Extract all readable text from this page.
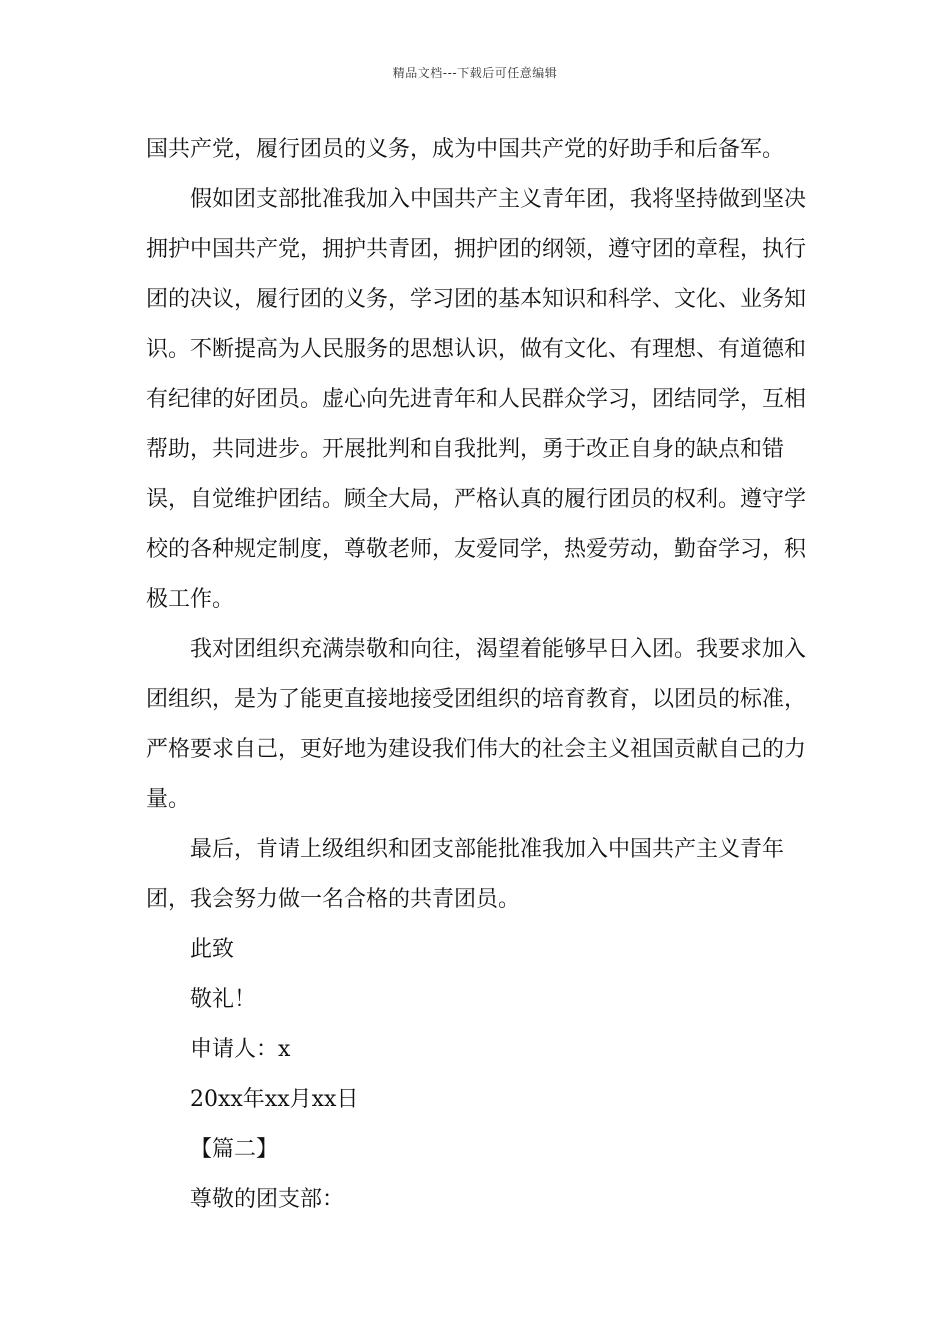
精品文档---下载后可任意编辑

国共产党，履行团员的义务，成为中国共产党的好助手和后备军。

假如团支部批准我加入中国共产主义青年团，我将坚持做到坚决拥护中国共产党，拥护共青团，拥护团的纲领，遵守团的章程，执行团的决议，履行团的义务，学习团的基本知识和科学、文化、业务知识。不断提高为人民服务的思想认识，做有文化、有理想、有道德和有纪律的好团员。虚心向先进青年和人民群众学习，团结同学，互相帮助，共同进步。开展批判和自我批判，勇于改正自身的缺点和错误，自觉维护团结。顾全大局，严格认真的履行团员的权利。遵守学校的各种规定制度，尊敬老师，友爱同学，热爱劳动，勤奋学习，积极工作。

我对团组织充满崇敬和向往，渴望着能够早日入团。我要求加入团组织，是为了能更直接地接受团组织的培育教育，以团员的标准，严格要求自己，更好地为建设我们伟大的社会主义祖国贡献自己的力量。

最后，肯请上级组织和团支部能批准我加入中国共产主义青年团，我会努力做一名合格的共青团员。

此致

敬礼！

申请人：x

20xx年xx月xx日

【篇二】

尊敬的团支部：
